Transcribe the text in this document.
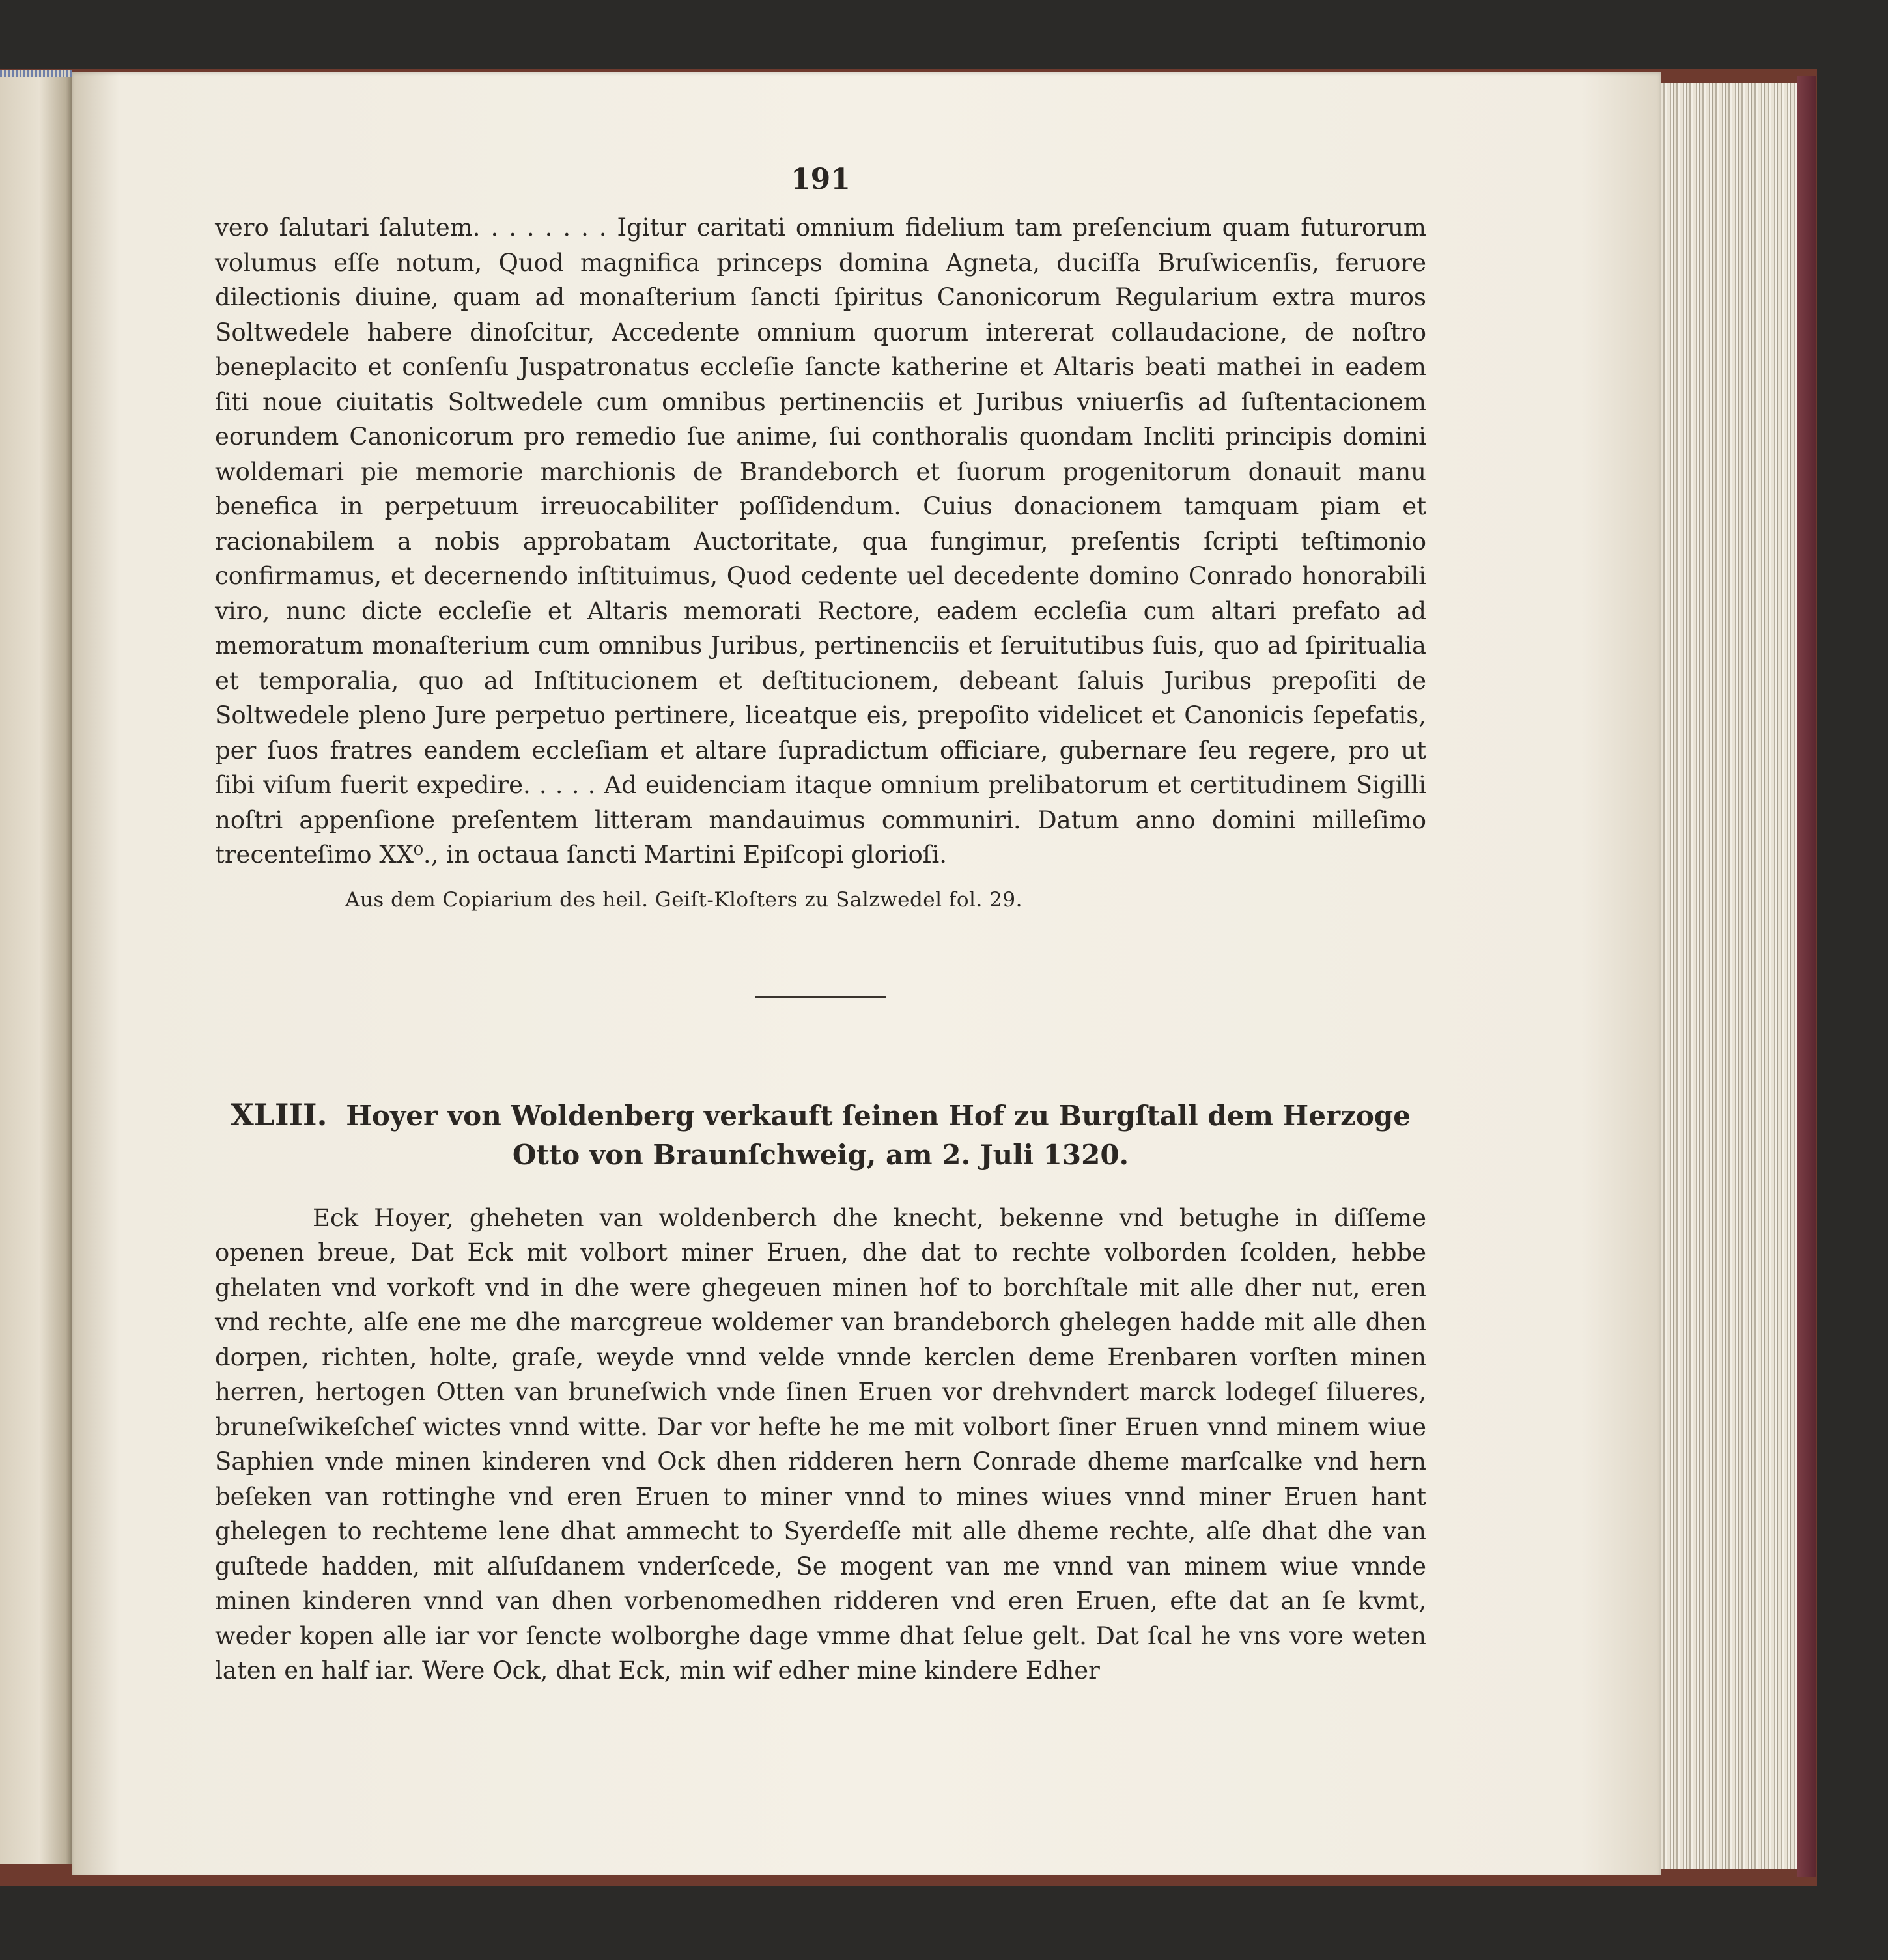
191

vero ſalutari ſalutem. . . . . . . . Igitur caritati omnium fidelium tam preſencium quam futurorum volumus eſſe notum, Quod magnifica princeps domina Agneta, duciſſa Bruſwicenſis, feruore dilectionis diuine, quam ad monaſterium ſancti ſpiritus Canonicorum Regularium extra muros Soltwedele habere dinoſcitur, Accedente omnium quorum intererat collaudacione, de noſtro beneplacito et conſenſu Juspatronatus eccleſie ſancte katherine et Altaris beati mathei in eadem ſiti noue ciuitatis Soltwedele cum omnibus pertinenciis et Juribus vniuerſis ad ſuſtentacionem eorundem Canonicorum pro remedio ſue anime, ſui conthoralis quondam Incliti principis domini woldemari pie memorie marchionis de Brandeborch et ſuorum progenitorum donauit manu benefica in perpetuum irreuocabiliter poſſidendum. Cuius donacionem tamquam piam et racionabilem a nobis approbatam Auctoritate, qua fungimur, preſentis ſcripti teſtimonio confirmamus, et decernendo inſtituimus, Quod cedente uel decedente domino Conrado honorabili viro, nunc dicte eccleſie et Altaris memorati Rectore, eadem eccleſia cum altari prefato ad memoratum monaſterium cum omnibus Juribus, pertinenciis et ſeruitutibus ſuis, quo ad ſpiritualia et temporalia, quo ad Inſtitucionem et deſtitucionem, debeant ſaluis Juribus prepoſiti de Soltwedele pleno Jure perpetuo pertinere, liceatque eis, prepoſito videlicet et Canonicis ſepefatis, per ſuos fratres eandem eccleſiam et altare ſupradictum officiare, gubernare ſeu regere, pro ut ſibi viſum fuerit expedire. . . . . Ad euidenciam itaque omnium prelibatorum et certitudinem Sigilli noſtri appenſione preſentem litteram mandauimus communiri. Datum anno domini milleſimo trecenteſimo XX⁰., in octaua ſancti Martini Epiſcopi glorioſi.

Aus dem Copiarium des heil. Geiſt-Kloſters zu Salzwedel fol. 29.
XLIII. Hoyer von Woldenberg verkauft ſeinen Hof zu Burgſtall dem Herzoge Otto von Braunſchweig, am 2. Juli 1320.

Eck Hoyer, gheheten van woldenberch dhe knecht, bekenne vnd betughe in diſſeme openen breue, Dat Eck mit volbort miner Eruen, dhe dat to rechte volborden ſcolden, hebbe ghelaten vnd vorkoft vnd in dhe were ghegeuen minen hof to borchſtale mit alle dher nut, eren vnd rechte, alſe ene me dhe marcgreue woldemer van brandeborch ghelegen hadde mit alle dhen dorpen, richten, holte, graſe, weyde vnnd velde vnnde kerclen deme Erenbaren vorſten minen herren, hertogen Otten van bruneſwich vnde ſinen Eruen vor drehvndert marck lodegeſ ſilueres, bruneſwikeſcheſ wictes vnnd witte. Dar vor hefte he me mit volbort ſiner Eruen vnnd minem wiue Saphien vnde minen kinderen vnd Ock dhen ridderen hern Conrade dheme marſcalke vnd hern beſeken van rottinghe vnd eren Eruen to miner vnnd to mines wiues vnnd miner Eruen hant ghelegen to rechteme lene dhat ammecht to Syerdeſſe mit alle dheme rechte, alſe dhat dhe van guſtede hadden, mit alſuſdanem vnderſcede, Se mogent van me vnnd van minem wiue vnnde minen kinderen vnnd van dhen vorbenomedhen ridderen vnd eren Eruen, efte dat an ſe kvmt, weder kopen alle iar vor ſencte wolborghe dage vmme dhat ſelue gelt. Dat ſcal he vns vore weten laten en half iar. Were Ock, dhat Eck, min wif edher mine kindere Edher
